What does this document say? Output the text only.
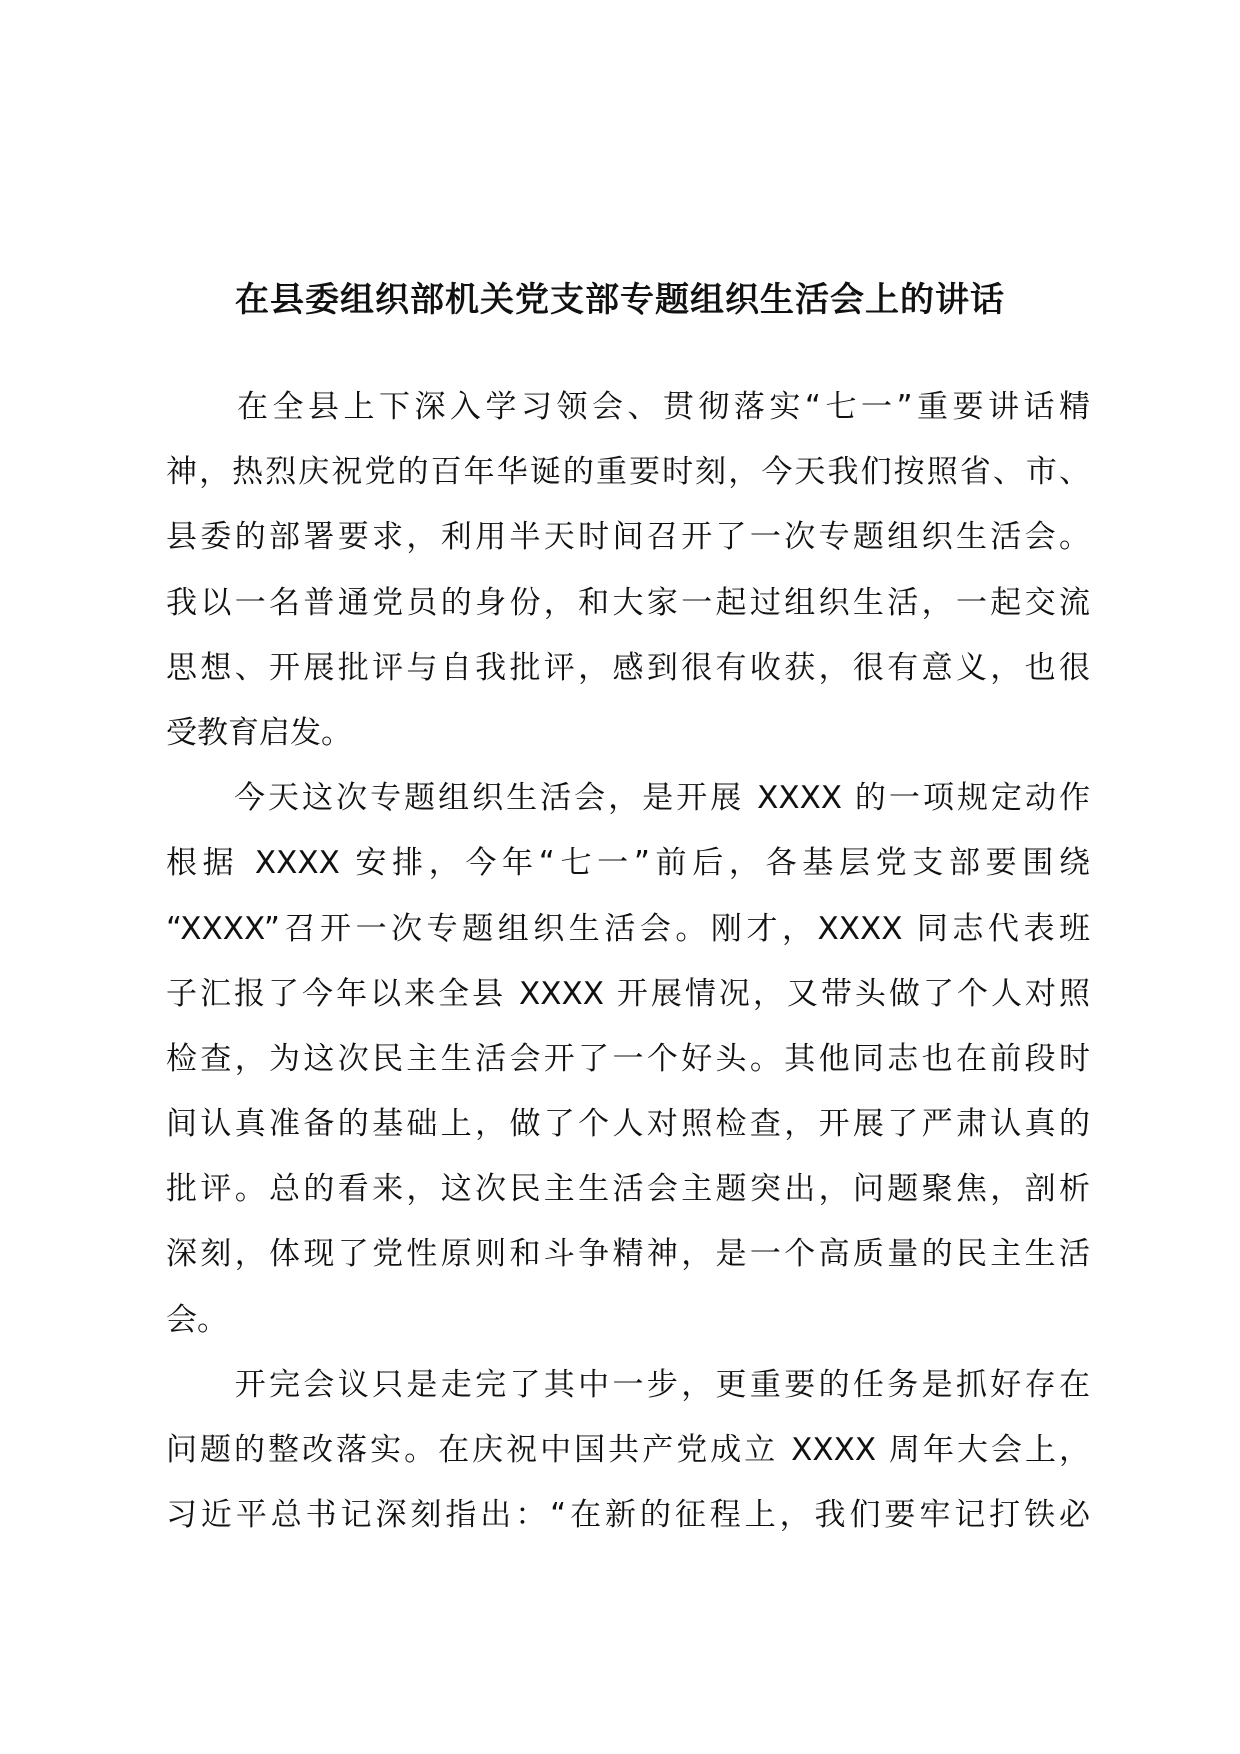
在县委组织部机关党支部专题组织生活会上的讲话
　　在全县上下深入学习领会、贯彻落实“七一”重要讲话精
神，热烈庆祝党的百年华诞的重要时刻，今天我们按照省、市、
县委的部署要求，利用半天时间召开了一次专题组织生活会。
我以一名普通党员的身份，和大家一起过组织生活，一起交流
思想、开展批评与自我批评，感到很有收获，很有意义，也很
受教育启发。
　　今天这次专题组织生活会，是开展 XXXX 的一项规定动作
根据 XXXX 安排，今年“七一”前后，各基层党支部要围绕
“XXXX”召开一次专题组织生活会。刚才，XXXX 同志代表班
子汇报了今年以来全县 XXXX 开展情况，又带头做了个人对照
检查，为这次民主生活会开了一个好头。其他同志也在前段时
间认真准备的基础上，做了个人对照检查，开展了严肃认真的
批评。总的看来，这次民主生活会主题突出，问题聚焦，剖析
深刻，体现了党性原则和斗争精神，是一个高质量的民主生活
会。
　　开完会议只是走完了其中一步，更重要的任务是抓好存在
问题的整改落实。在庆祝中国共产党成立 XXXX 周年大会上，
习近平总书记深刻指出：“在新的征程上，我们要牢记打铁必
